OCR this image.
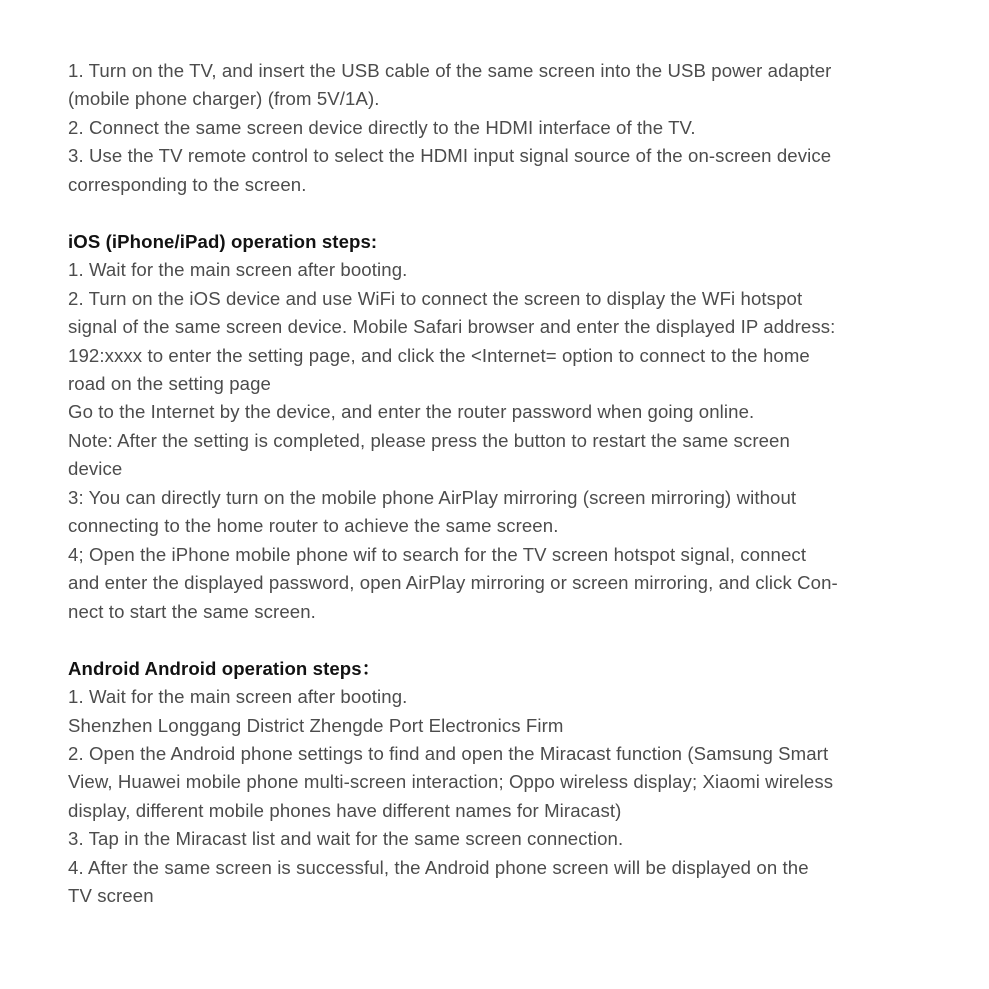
1. Turn on the TV, and insert the USB cable of the same screen into the USB power adapter
(mobile phone charger) (from 5V/1A).
2. Connect the same screen device directly to the HDMI interface of the TV.
3. Use the TV remote control to select the HDMI input signal source of the on-screen device
corresponding to the screen.
iOS (iPhone/iPad) operation steps:
1. Wait for the main screen after booting.
2. Turn on the iOS device and use WiFi to connect the screen to display the WFi hotspot
signal of the same screen device. Mobile Safari browser and enter the displayed IP address:
192:xxxx to enter the setting page, and click the <Internet= option to connect to the home
road on the setting page
Go to the Internet by the device, and enter the router password when going online.
Note: After the setting is completed, please press the button to restart the same screen
device
3: You can directly turn on the mobile phone AirPlay mirroring (screen mirroring) without
connecting to the home router to achieve the same screen.
4; Open the iPhone mobile phone wif to search for the TV screen hotspot signal, connect
and enter the displayed password, open AirPlay mirroring or screen mirroring, and click Con-
nect to start the same screen.
Android Android operation steps：
1. Wait for the main screen after booting.
Shenzhen Longgang District Zhengde Port Electronics Firm
2. Open the Android phone settings to find and open the Miracast function (Samsung Smart
View, Huawei mobile phone multi-screen interaction; Oppo wireless display; Xiaomi wireless
display, different mobile phones have different names for Miracast)
3. Tap in the Miracast list and wait for the same screen connection.
4. After the same screen is successful, the Android phone screen will be displayed on the
TV screen
